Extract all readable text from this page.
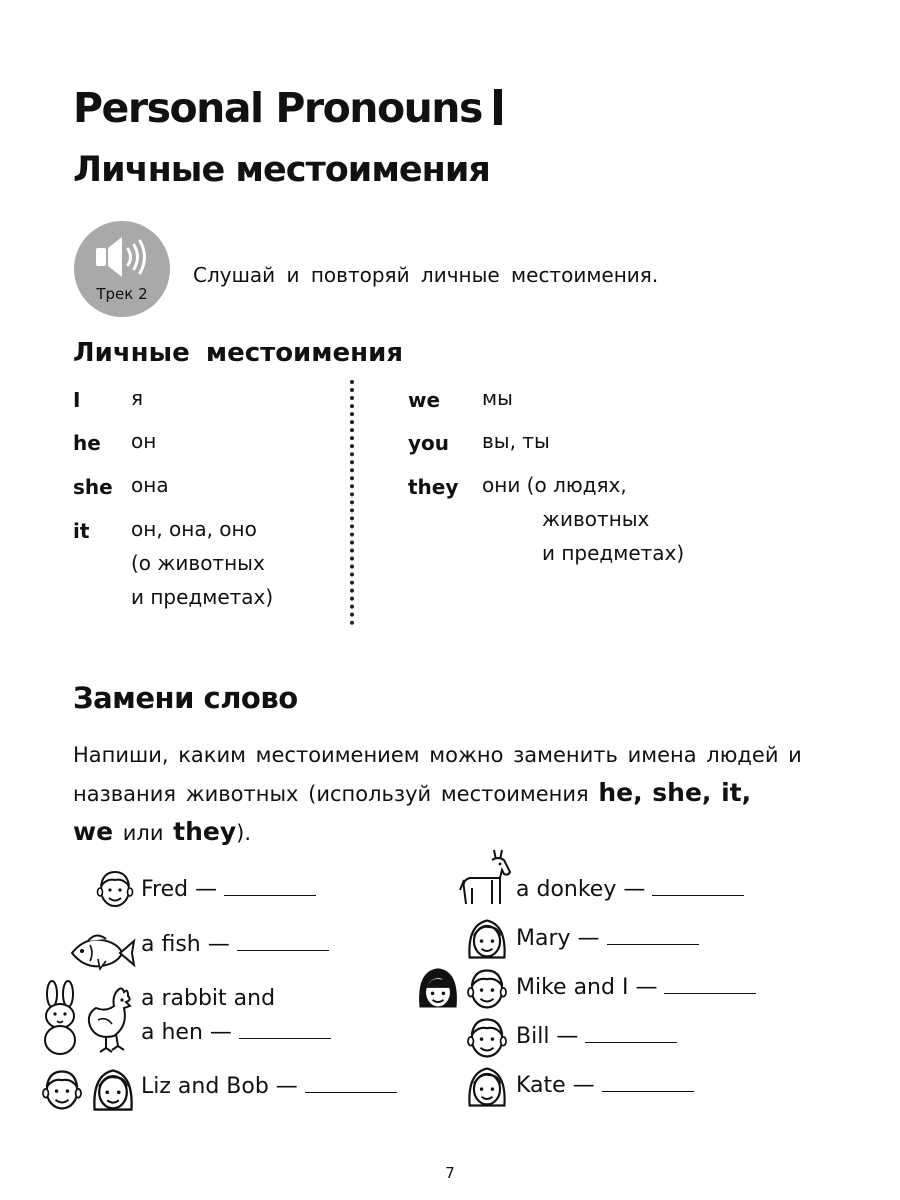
Personal Pronouns
Личные местоимения
Трек 2
Слушай и повторяй личные местоимения.
Личные местоимения
I	я
he он
she она
it он, она, оно
(о животных
и предметах)
we мы
you вы, ты
they они (о людях,
животных
и предметах)
Замени слово
Напиши, каким местоимением можно заменить имена людей и названия животных (используй местоимения he, she, it,
we или they).
Fred —
a fish —
a rabbit and
a hen —
Liz and Bob —
a donkey —
Mary —
Mike and I —
Bill —
Kate —
7
